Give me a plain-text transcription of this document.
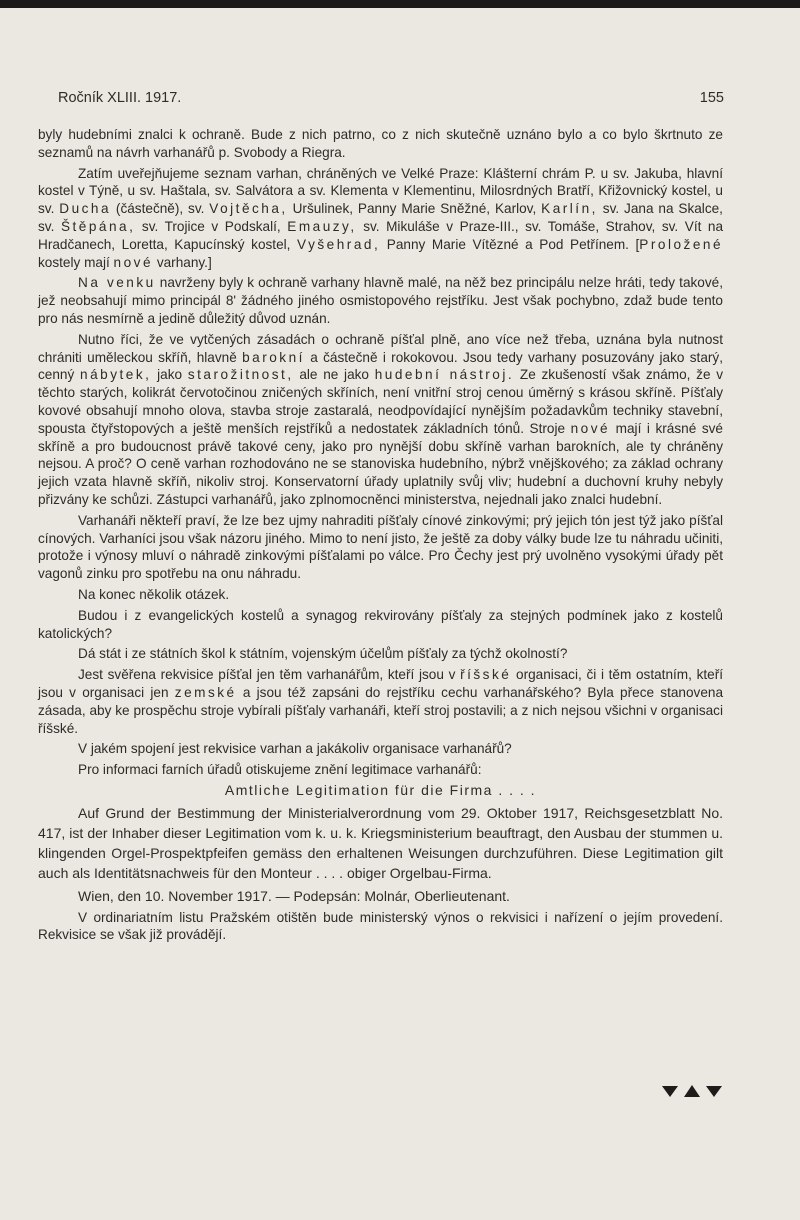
Ročník XLIII. 1917.	155

byly hudebními znalci k ochraně. Bude z nich patrno, co z nich skutečně uznáno bylo a co bylo škrtnuto ze seznamů na návrh varhanářů p. Svobody a Riegra.

Zatím uveřejňujeme seznam varhan, chráněných ve Velké Praze: Klášterní chrám P. u sv. Jakuba, hlavní kostel v Týně, u sv. Haštala, sv. Salvátora a sv. Klementa v Klementinu, Milosrdných Bratří, Křižovnický kostel, u sv. Ducha (částečně), sv. Vojtěcha, Uršulinek, Panny Marie Sněžné, Karlov, Karlín, sv. Jana na Skalce, sv. Štěpána, sv. Trojice v Podskalí, Emauzy, sv. Mikuláše v Praze-III., sv. Tomáše, Strahov, sv. Vít na Hradčanech, Loretta, Kapucínský kostel, Vyšehrad, Panny Marie Vítězné a Pod Petřínem. [Proložené kostely mají nové varhany.]

Na venku navrženy byly k ochraně varhany hlavně malé, na něž bez principálu nelze hráti, tedy takové, jež neobsahují mimo principál 8ʹ žádného jiného osmistopového rejstříku. Jest však pochybno, zdaž bude tento pro nás nesmírně a jedině důležitý důvod uznán.

Nutno říci, že ve vytčených zásadách o ochraně píšťal plně, ano více než třeba, uznána byla nutnost chrániti uměleckou skříň, hlavně barokní a částečně i rokokovou. Jsou tedy varhany posuzovány jako starý, cenný nábytek, jako starožitnost, ale ne jako hudební nástroj. Ze zkušeností však známo, že v těchto starých, kolikrát červotočinou zničených skříních, není vnitřní stroj cenou úměrný s krásou skříně. Píšťaly kovové obsahují mnoho olova, stavba stroje zastaralá, neodpovídající nynějším požadavkům techniky stavební, spousta čtyřstopových a ještě menších rejstříků a nedostatek základních tónů. Stroje nové mají i krásné své skříně a pro budoucnost právě takové ceny, jako pro nynější dobu skříně varhan barokních, ale ty chráněny nejsou. A proč? O ceně varhan rozhodováno ne se stanoviska hudebního, nýbrž vnějškového; za základ ochrany jejich vzata hlavně skříň, nikoliv stroj. Konservatorní úřady uplatnily svůj vliv; hudební a duchovní kruhy nebyly přizvány ke schůzi. Zástupci varhanářů, jako zplnomocněnci ministerstva, nejednali jako znalci hudební.

Varhanáři někteří praví, že lze bez ujmy nahraditi píšťaly cínové zinkovými; prý jejich tón jest týž jako píšťal cínových. Varhaníci jsou však názoru jiného. Mimo to není jisto, že ještě za doby války bude lze tu náhradu učiniti, protože i výnosy mluví o náhradě zinkovými píšťalami po válce. Pro Čechy jest prý uvolněno vysokými úřady pět vagonů zinku pro spotřebu na onu náhradu.

Na konec několik otázek.

Budou i z evangelických kostelů a synagog rekvirovány píšťaly za stejných podmínek jako z kostelů katolických?

Dá stát i ze státních škol k státním, vojenským účelům píšťaly za týchž okolností?

Jest svěřena rekvisice píšťal jen těm varhanářům, kteří jsou v říšské organisaci, či i těm ostatním, kteří jsou v organisaci jen zemské a jsou též zapsáni do rejstříku cechu varhanářského? Byla přece stanovena zásada, aby ke prospěchu stroje vybírali píšťaly varhanáři, kteří stroj postavili; a z nich nejsou všichni v organisaci říšské.

V jakém spojení jest rekvisice varhan a jakákoliv organisace varhanářů?

Pro informaci farních úřadů otiskujeme znění legitimace varhanářů:

Amtliche Legitimation für die Firma . . . .

Auf Grund der Bestimmung der Ministerialverordnung vom 29. Oktober 1917, Reichsgesetzblatt No. 417, ist der Inhaber dieser Legitimation vom k. u. k. Kriegsministerium beauftragt, den Ausbau der stummen u. klingenden Orgel-Prospektpfeifen gemäss den erhaltenen Weisungen durchzuführen. Diese Legitimation gilt auch als Identitätsnachweis für den Monteur . . . . obiger Orgelbau-Firma.

Wien, den 10. November 1917. — Podepsán: Molnár, Oberlieutenant.

V ordinariatním listu Pražském otištěn bude ministerský výnos o rekvisici i nařízení o jejím provedení. Rekvisice se však již provádějí.
